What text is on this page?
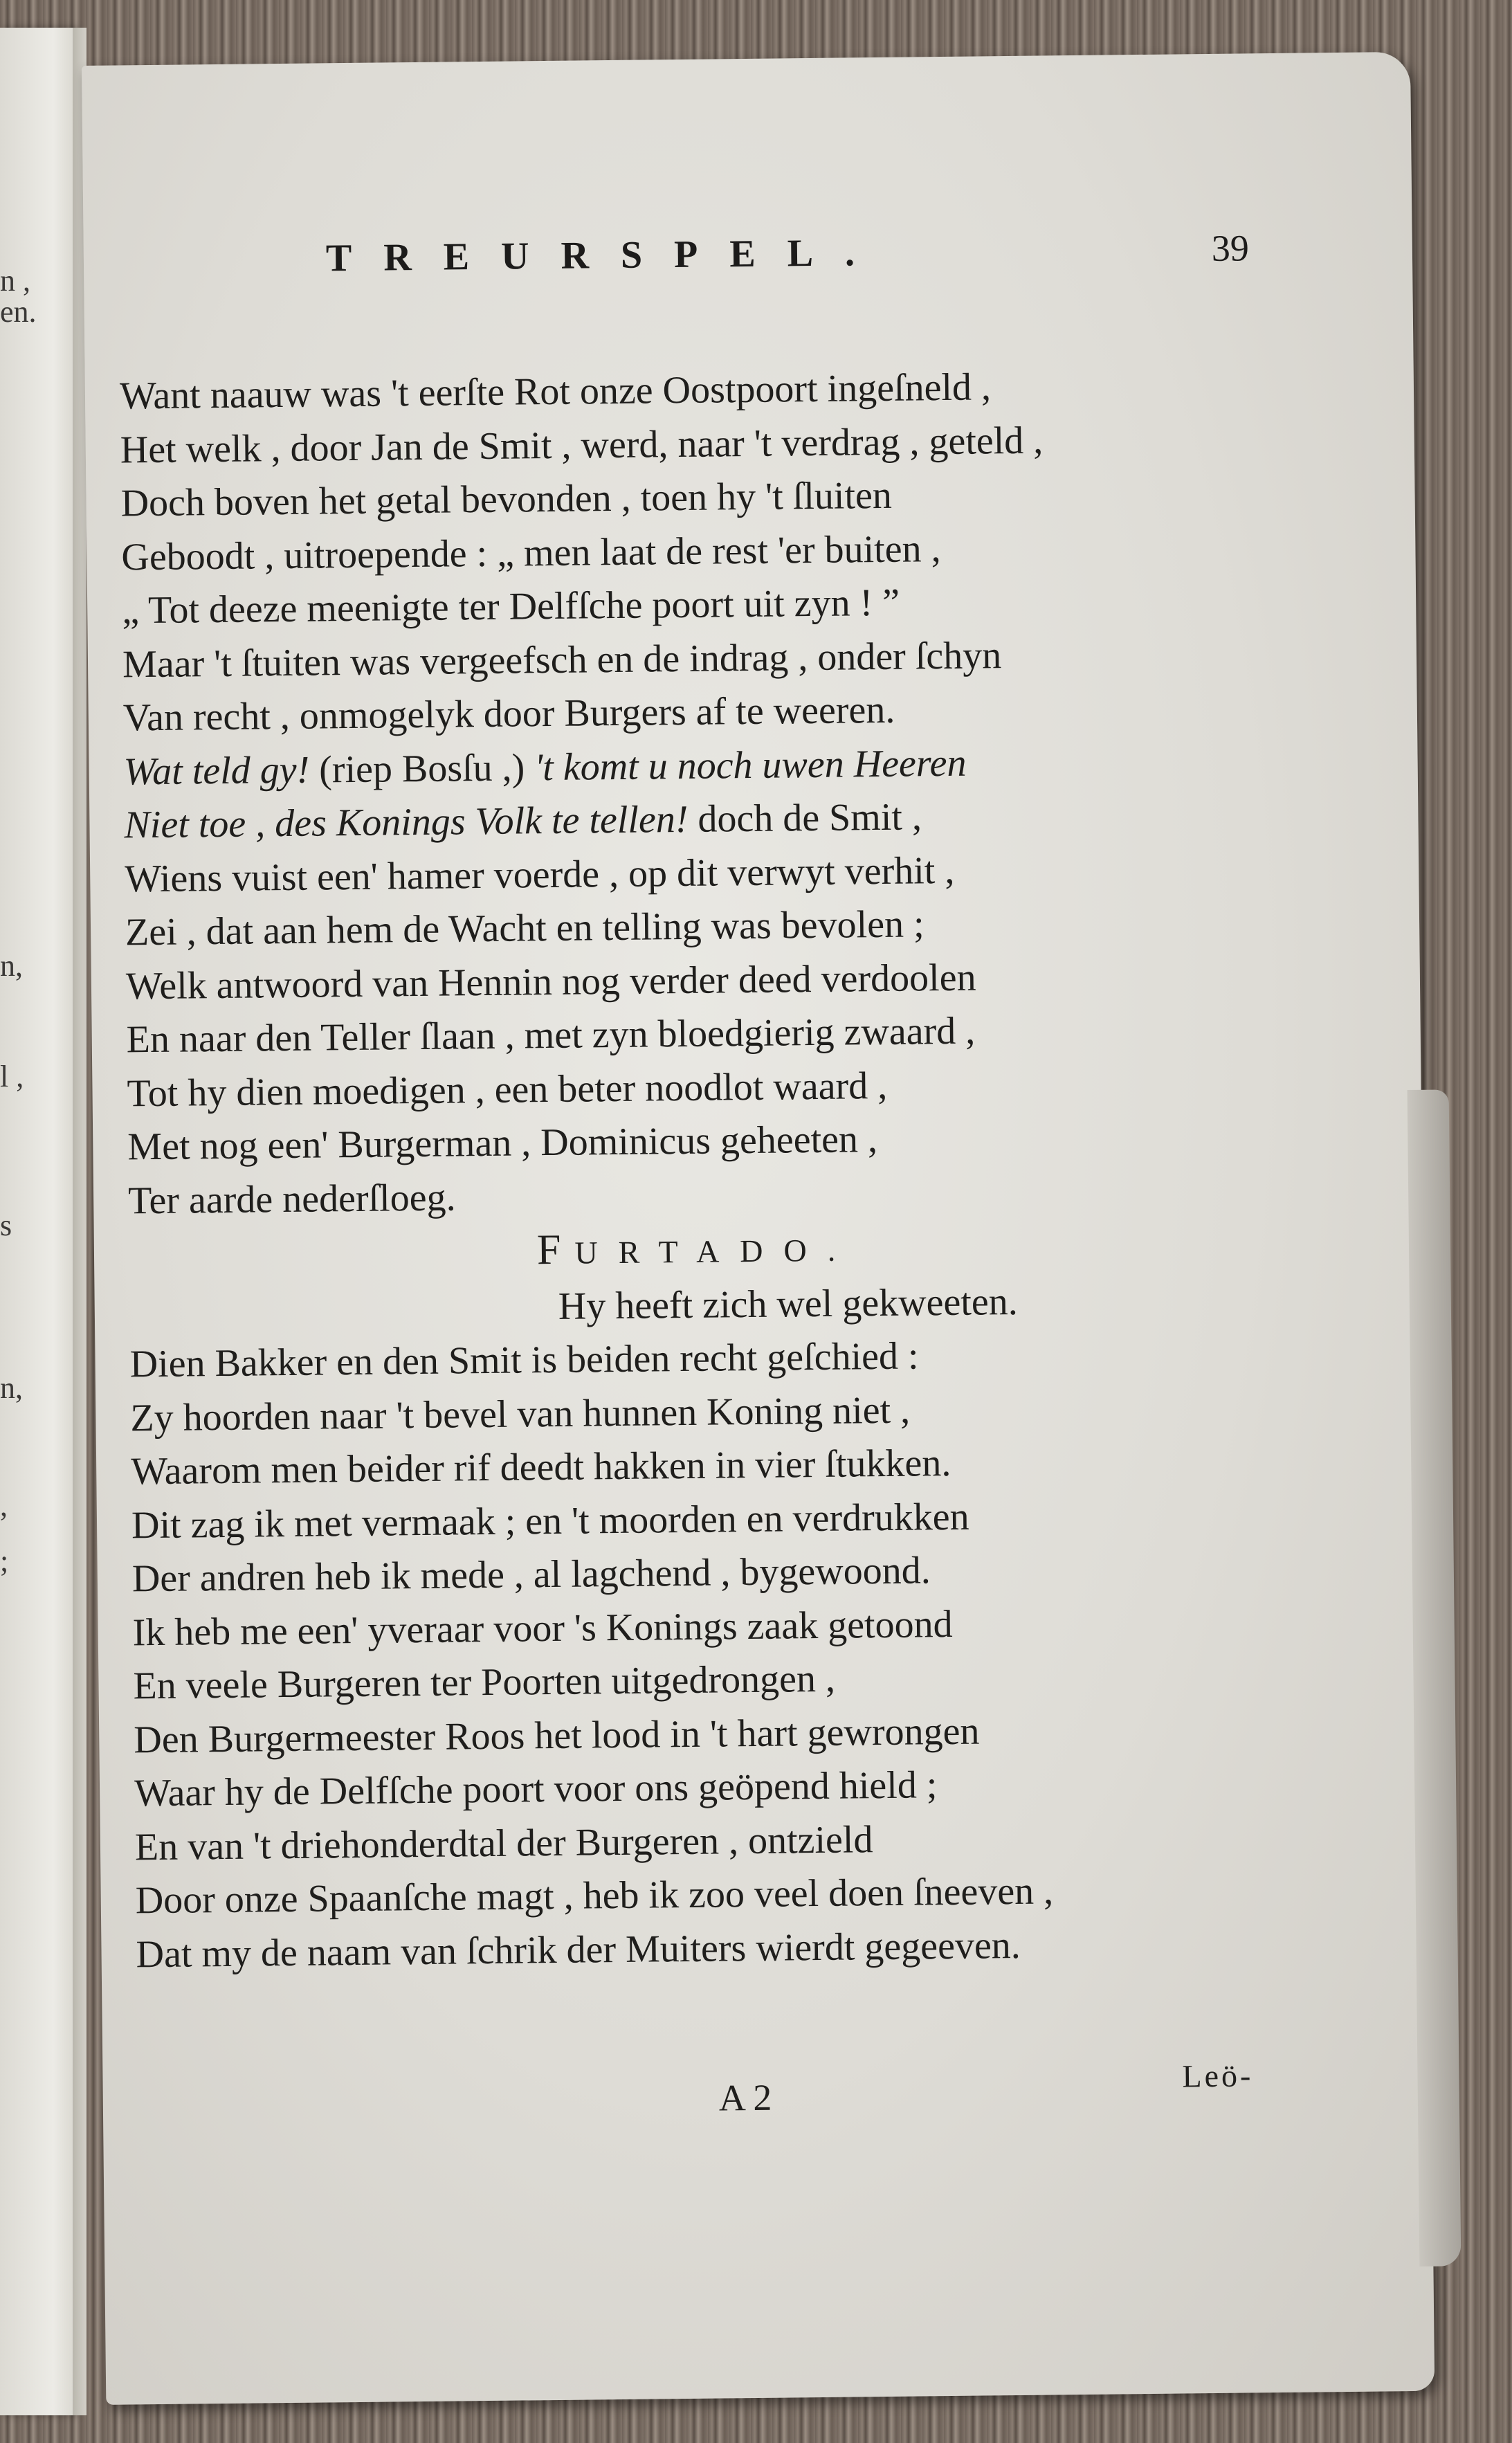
n ,
en.
n,
l ,
s
n,
,
;
TREURSPEL.	39
Want naauw was 't eerſte Rot onze Oostpoort ingeſneld ,
Het welk , door Jan de Smit , werd, naar 't verdrag , geteld ,
Doch boven het getal bevonden , toen hy 't ſluiten
Geboodt , uitroepende : „ men laat de rest 'er buiten ,
„ Tot deeze meenigte ter Delfſche poort uit zyn ! ”
Maar 't ſtuiten was vergeefsch en de indrag , onder ſchyn
Van recht , onmogelyk door Burgers af te weeren.
Wat teld gy! (riep Bosſu ,) 't komt u noch uwen Heeren
Niet toe , des Konings Volk te tellen! doch de Smit ,
Wiens vuist een' hamer voerde , op dit verwyt verhit ,
Zei , dat aan hem de Wacht en telling was bevolen ;
Welk antwoord van Hennin nog verder deed verdoolen
En naar den Teller ſlaan , met zyn bloedgierig zwaard ,
Tot hy dien moedigen , een beter noodlot waard ,
Met nog een' Burgerman , Dominicus geheeten ,
Ter aarde nederſloeg.
FURTADO.
Hy heeft zich wel gekweeten.
Dien Bakker en den Smit is beiden recht geſchied :
Zy hoorden naar 't bevel van hunnen Koning niet ,
Waarom men beider rif deedt hakken in vier ſtukken.
Dit zag ik met vermaak ; en 't moorden en verdrukken
Der andren heb ik mede , al lagchend , bygewoond.
Ik heb me een' yveraar voor 's Konings zaak getoond
En veele Burgeren ter Poorten uitgedrongen ,
Den Burgermeester Roos het lood in 't hart gewrongen
Waar hy de Delfſche poort voor ons geöpend hield ;
En van 't driehonderdtal der Burgeren , ontzield
Door onze Spaanſche magt , heb ik zoo veel doen ſneeven ,
Dat my de naam van ſchrik der Muiters wierdt gegeeven.
A 2
Leö-
